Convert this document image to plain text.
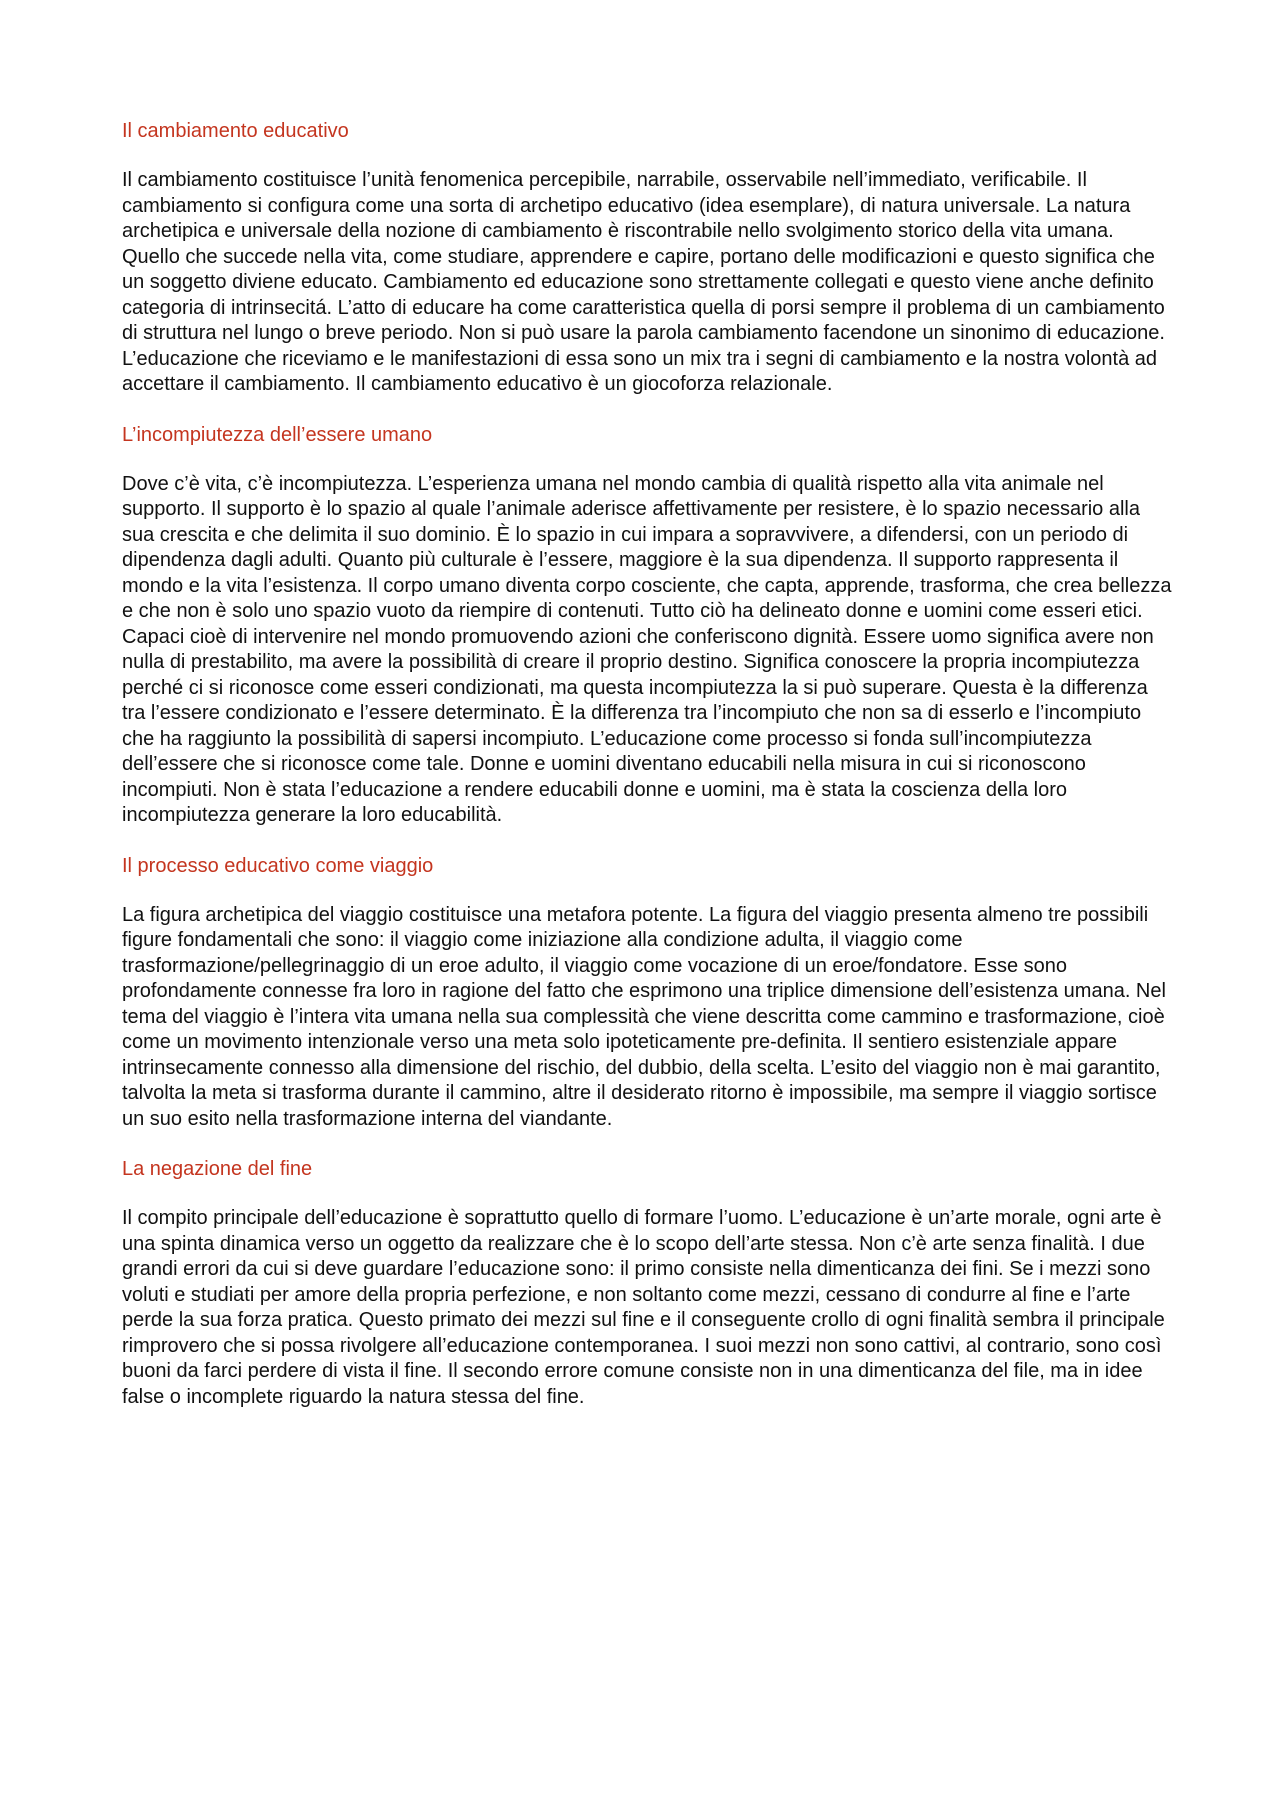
Il cambiamento educativo

Il cambiamento costituisce l’unità fenomenica percepibile, narrabile, osservabile nell’immediato, verificabile. Il cambiamento si configura come una sorta di archetipo educativo (idea esemplare), di natura universale. La natura archetipica e universale della nozione di cambiamento è riscontrabile nello svolgimento storico della vita umana. Quello che succede nella vita, come studiare, apprendere e capire, portano delle modificazioni e questo significa che un soggetto diviene educato. Cambiamento ed educazione sono strettamente collegati e questo viene anche definito categoria di intrinsecitá. L’atto di educare ha come caratteristica quella di porsi sempre il problema di un cambiamento di struttura nel lungo o breve periodo. Non si può usare la parola cambiamento facendone un sinonimo di educazione. L’educazione che riceviamo e le manifestazioni di essa sono un mix tra i segni di cambiamento e la nostra volontà ad accettare il cambiamento. Il cambiamento educativo è un giocoforza relazionale.

L’incompiutezza dell’essere umano

Dove c’è vita, c’è incompiutezza. L’esperienza umana nel mondo cambia di qualità rispetto alla vita animale nel supporto. Il supporto è lo spazio al quale l’animale aderisce affettivamente per resistere, è lo spazio necessario alla sua crescita e che delimita il suo dominio. È lo spazio in cui impara a sopravvivere, a difendersi, con un periodo di dipendenza dagli adulti. Quanto più culturale è l’essere, maggiore è la sua dipendenza. Il supporto rappresenta il mondo e la vita l’esistenza. Il corpo umano diventa corpo cosciente, che capta, apprende, trasforma, che crea bellezza e che non è solo uno spazio vuoto da riempire di contenuti. Tutto ciò ha delineato donne e uomini come esseri etici. Capaci cioè di intervenire nel mondo promuovendo azioni che conferiscono dignità. Essere uomo significa avere non nulla di prestabilito, ma avere la possibilità di creare il proprio destino. Significa conoscere la propria incompiutezza perché ci si riconosce come esseri condizionati, ma questa incompiutezza la si può superare. Questa è la differenza tra l’essere condizionato e l’essere determinato. È la differenza tra l’incompiuto che non sa di esserlo e l’incompiuto che ha raggiunto la possibilità di sapersi incompiuto. L’educazione come processo si fonda sull’incompiutezza dell’essere che si riconosce come tale. Donne e uomini diventano educabili nella misura in cui si riconoscono incompiuti. Non è stata l’educazione a rendere educabili donne e uomini, ma è stata la coscienza della loro incompiutezza generare la loro educabilità.

Il processo educativo come viaggio

La figura archetipica del viaggio costituisce una metafora potente. La figura del viaggio presenta almeno tre possibili figure fondamentali che sono: il viaggio come iniziazione alla condizione adulta, il viaggio come trasformazione/pellegrinaggio di un eroe adulto, il viaggio come vocazione di un eroe/fondatore. Esse sono profondamente connesse fra loro in ragione del fatto che esprimono una triplice dimensione dell’esistenza umana. Nel tema del viaggio è l’intera vita umana nella sua complessità che viene descritta come cammino e trasformazione, cioè come un movimento intenzionale verso una meta solo ipoteticamente pre-definita. Il sentiero esistenziale appare intrinsecamente connesso alla dimensione del rischio, del dubbio, della scelta. L’esito del viaggio non è mai garantito, talvolta la meta si trasforma durante il cammino, altre il desiderato ritorno è impossibile, ma sempre il viaggio sortisce un suo esito nella trasformazione interna del viandante.

La negazione del fine

Il compito principale dell’educazione è soprattutto quello di formare l’uomo. L’educazione è un’arte morale, ogni arte è una spinta dinamica verso un oggetto da realizzare che è lo scopo dell’arte stessa. Non c’è arte senza finalità. I due grandi errori da cui si deve guardare l’educazione sono: il primo consiste nella dimenticanza dei fini. Se i mezzi sono voluti e studiati per amore della propria perfezione, e non soltanto come mezzi, cessano di condurre al fine e l’arte perde la sua forza pratica. Questo primato dei mezzi sul fine e il conseguente crollo di ogni finalità sembra il principale rimprovero che si possa rivolgere all’educazione contemporanea. I suoi mezzi non sono cattivi, al contrario, sono così buoni da farci perdere di vista il fine. Il secondo errore comune consiste non in una dimenticanza del file, ma in idee false o incomplete riguardo la natura stessa del fine.
